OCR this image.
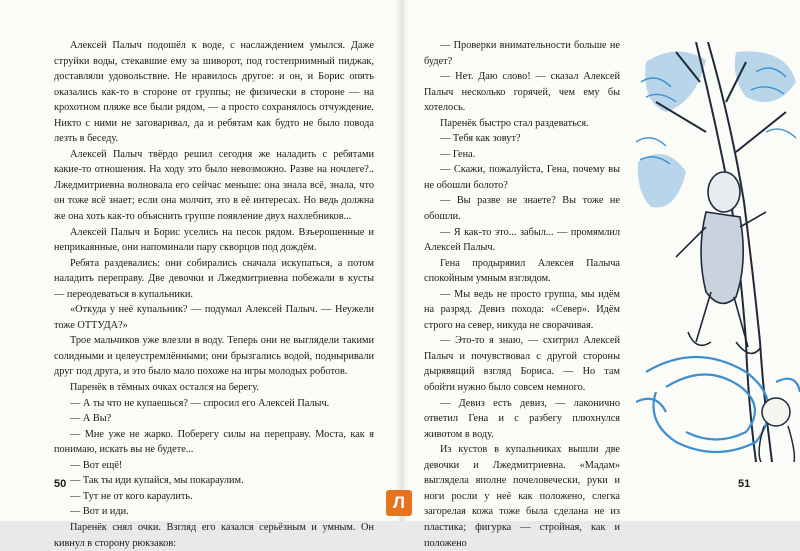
Алексей Палыч подошёл к воде, с наслаждением умылся. Даже струйки воды, стекавшие ему за шиворот, под гостеприимный пиджак, доставляли удовольствие. Не нравилось другое: и он, и Борис опять оказались как-то в стороне от группы; не физически в стороне — на крохотном пляже все были рядом, — а просто сохранялось отчуждение. Никто с ними не заговаривал, да и ребятам как будто не было повода лезть в беседу.

Алексей Палыч твёрдо решил сегодня же наладить с ребятами какие-то отношения. На ходу это было невозможно. Разве на ночлеге?.. Лжедмитриевна волновала его сейчас меньше: она знала всё, знала, что он тоже всё знает; если она молчит, это в её интересах. Но ведь должна же она хоть как-то объяснить группе появление двух нахлебников...

Алексей Палыч и Борис уселись на песок рядом. Взъерошенные и неприкаянные, они напоминали пару скворцов под дождём.

Ребята раздевались: они собирались сначала искупаться, а потом наладить переправу. Две девочки и Лжедмитриевна побежали в кусты — переодеваться в купальники.

«Откуда у неё купальник? — подумал Алексей Палыч. — Неужели тоже ОТТУДА?»

Трое мальчиков уже влезли в воду. Теперь они не выглядели такими солидными и целеустремлёнными; они брызгались водой, подныривали друг под друга, и это было мало похоже на игры молодых роботов.

Паренёк в тёмных очках остался на берегу.

— А ты что не купаешься? — спросил его Алексей Палыч.

— А Вы?

— Мне уже не жарко. Поберегу силы на переправу. Моста, как я понимаю, искать вы не будете...

— Вот ещё!

— Так ты иди купайся, мы покараулим.

— Тут не от кого караулить.

— Вот и иди.

Паренёк снял очки. Взгляд его казался серьёзным и умным. Он кивнул в сторону рюкзаков:

— Проверки внимательности больше не будет?

— Нет. Даю слово! — сказал Алексей Палыч несколько горячей, чем ему бы хотелось.

Паренёк быстро стал раздеваться.

— Тебя как зовут?

— Гена.

— Скажи, пожалуйста, Гена, почему вы не обошли болото?

— Вы разве не знаете? Вы тоже не обошли.

— Я как-то это... забыл... — промямлил Алексей Палыч.

Гена продырявил Алексея Палыча спокойным умным взглядом.

— Мы ведь не просто группа, мы идём на разряд. Девиз похода: «Север». Идём строго на север, никуда не сворачивая.

— Это-то я знаю, — схитрил Алексей Палыч и почувствовал с другой стороны дырявящий взгляд Бориса. — Но там обойти нужно было совсем немного.

— Девиз есть девиз, — лаконично ответил Гена и с разбегу плюхнулся животом в воду.

Из кустов в купальниках вышли две девочки и Лжедмитриевна. «Мадам» выглядела вполне почеловечески, руки и ноги росли у неё как положено, слегка загорелая кожа тоже была сделана не из пластика; фигурка — стройная, как и положено

50	51
Л
